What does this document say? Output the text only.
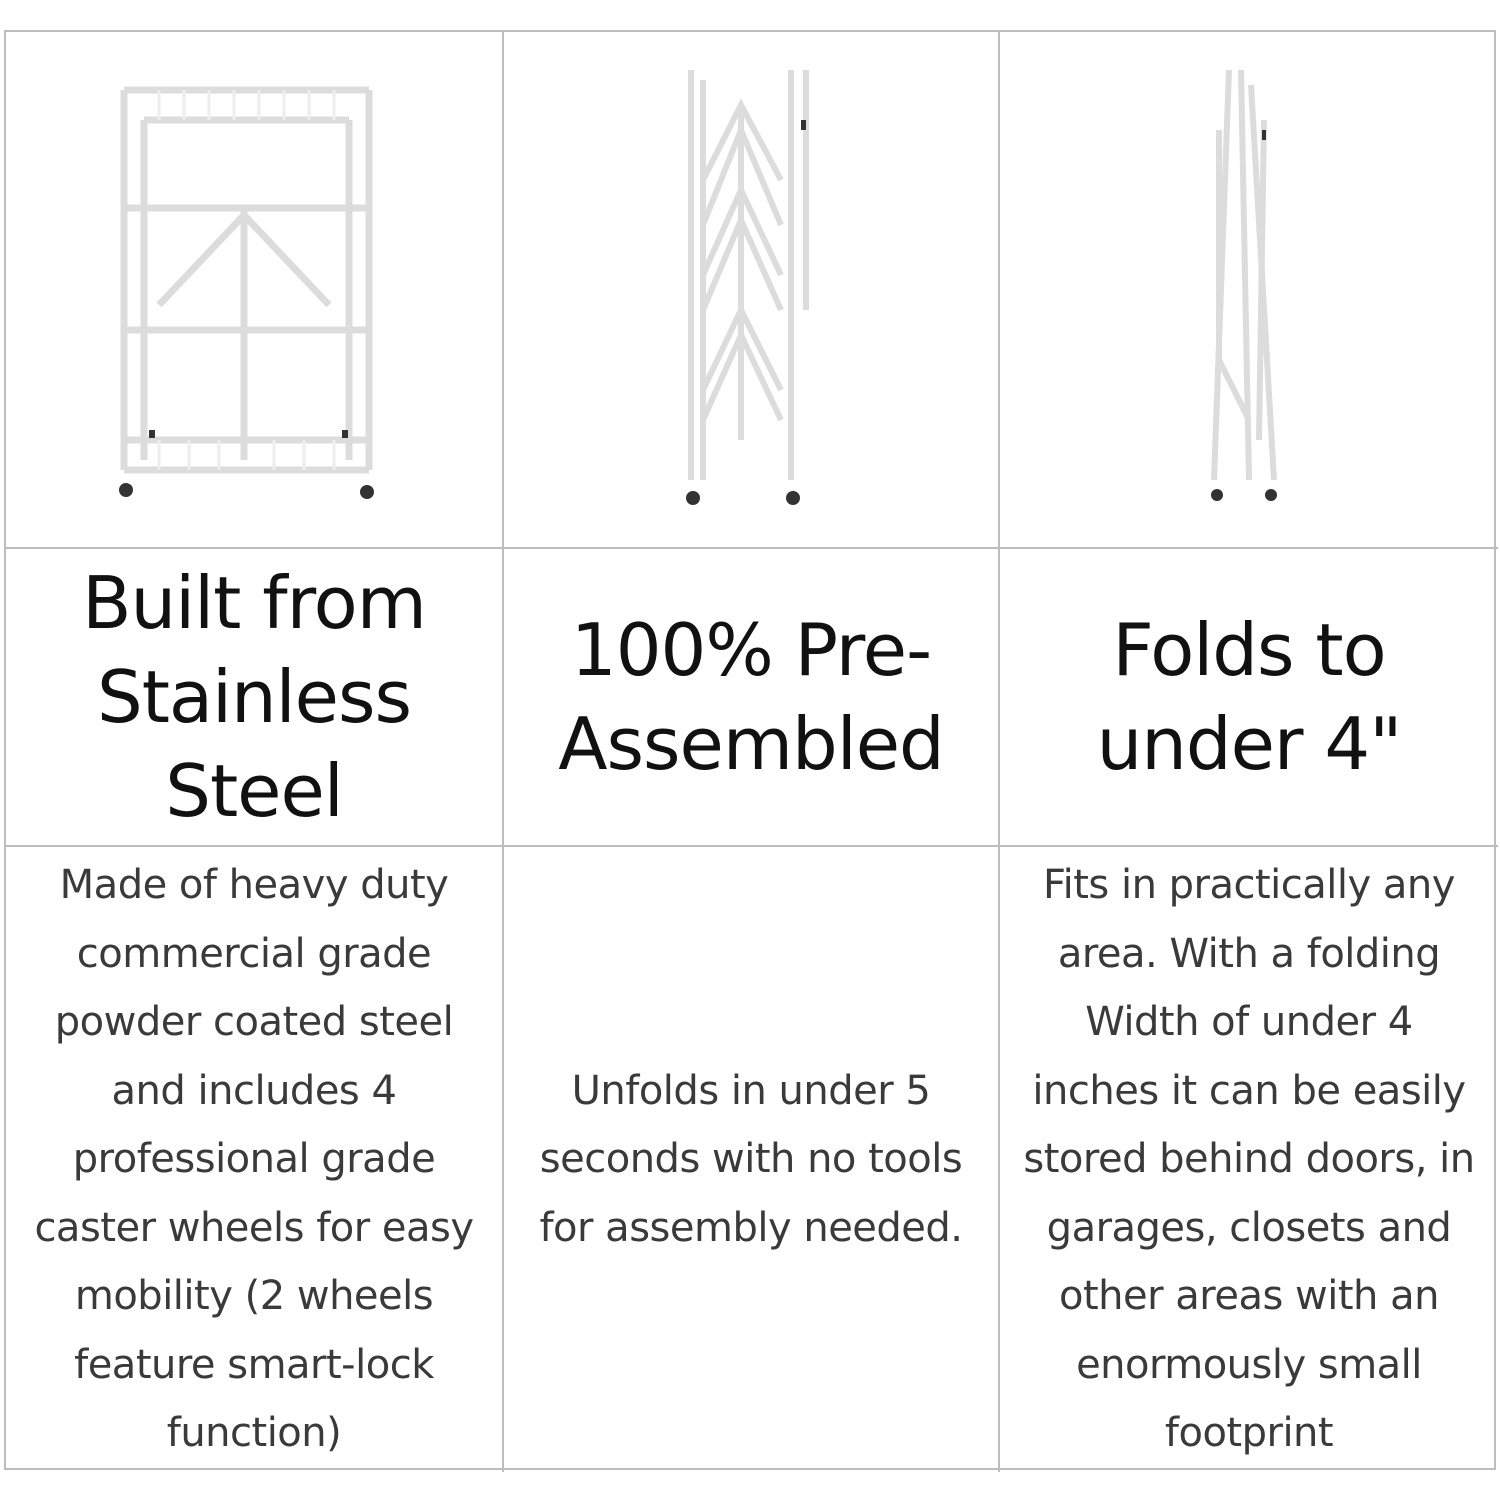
Built from
Stainless
Steel
100% Pre-
Assembled
Folds to
under 4"
Made of heavy duty
commercial grade
powder coated steel
and includes 4
professional grade
caster wheels for easy
mobility (2 wheels
feature smart-lock
function)
Unfolds in under 5
seconds with no tools
for assembly needed.
Fits in practically any
area. With a folding
Width of under 4
inches it can be easily
stored behind doors, in
garages, closets and
other areas with an
enormously small
footprint
